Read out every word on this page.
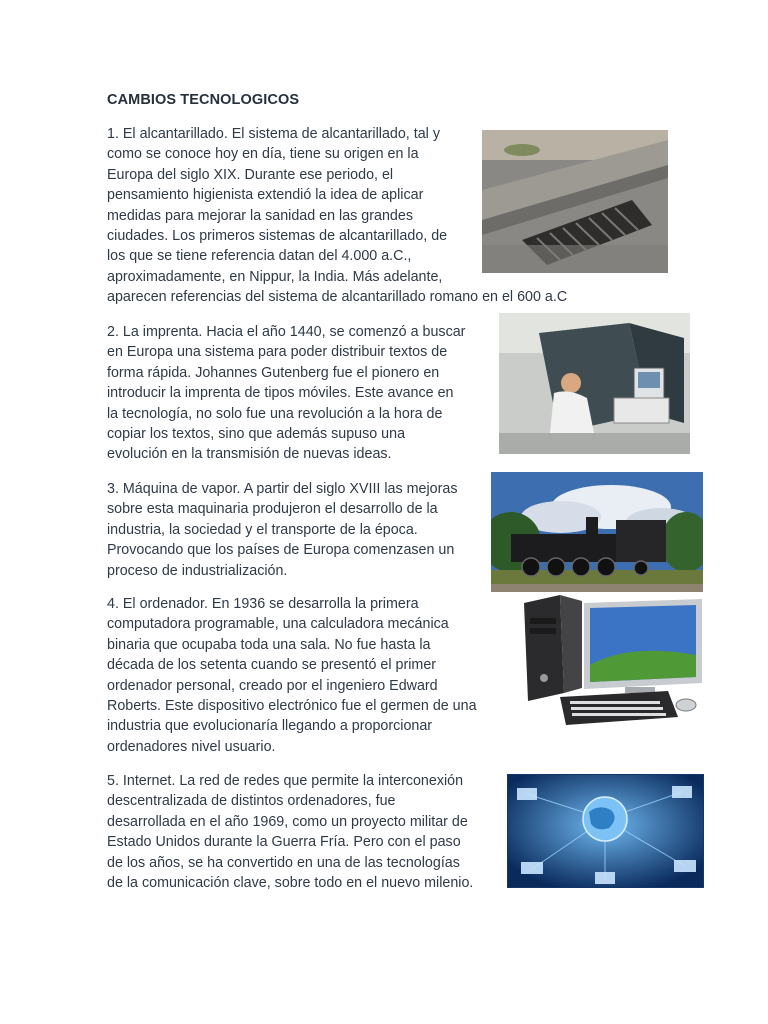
CAMBIOS TECNOLOGICOS

1. El alcantarillado. El sistema de alcantarillado, tal y
como se conoce hoy en día, tiene su origen en la
Europa del siglo XIX. Durante ese periodo, el
pensamiento higienista extendió la idea de aplicar
medidas para mejorar la sanidad en las grandes
ciudades. Los primeros sistemas de alcantarillado, de
los que se tiene referencia datan del 4.000 a.C.,
aproximadamente, en Nippur, la India. Más adelante,
aparecen referencias del sistema de alcantarillado romano en el 600 a.C

2. La imprenta. Hacia el año 1440, se comenzó a buscar
en Europa una sistema para poder distribuir textos de
forma rápida. Johannes Gutenberg fue el pionero en
introducir la imprenta de tipos móviles. Este avance en
la tecnología, no solo fue una revolución a la hora de
copiar los textos, sino que además supuso una
evolución en la transmisión de nuevas ideas.

3. Máquina de vapor. A partir del siglo XVIII las mejoras
sobre esta maquinaria produjeron el desarrollo de la
industria, la sociedad y el transporte de la época.
Provocando que los países de Europa comenzasen un
proceso de industrialización.

4. El ordenador. En 1936 se desarrolla la primera
computadora programable, una calculadora mecánica
binaria que ocupaba toda una sala. No fue hasta la
década de los setenta cuando se presentó el primer
ordenador personal, creado por el ingeniero Edward
Roberts. Este dispositivo electrónico fue el germen de una
industria que evolucionaría llegando a proporcionar
ordenadores nivel usuario.

5. Internet. La red de redes que permite la interconexión
descentralizada de distintos ordenadores, fue
desarrollada en el año 1969, como un proyecto militar de
Estado Unidos durante la Guerra Fría. Pero con el paso
de los años, se ha convertido en una de las tecnologías
de la comunicación clave, sobre todo en el nuevo milenio.
